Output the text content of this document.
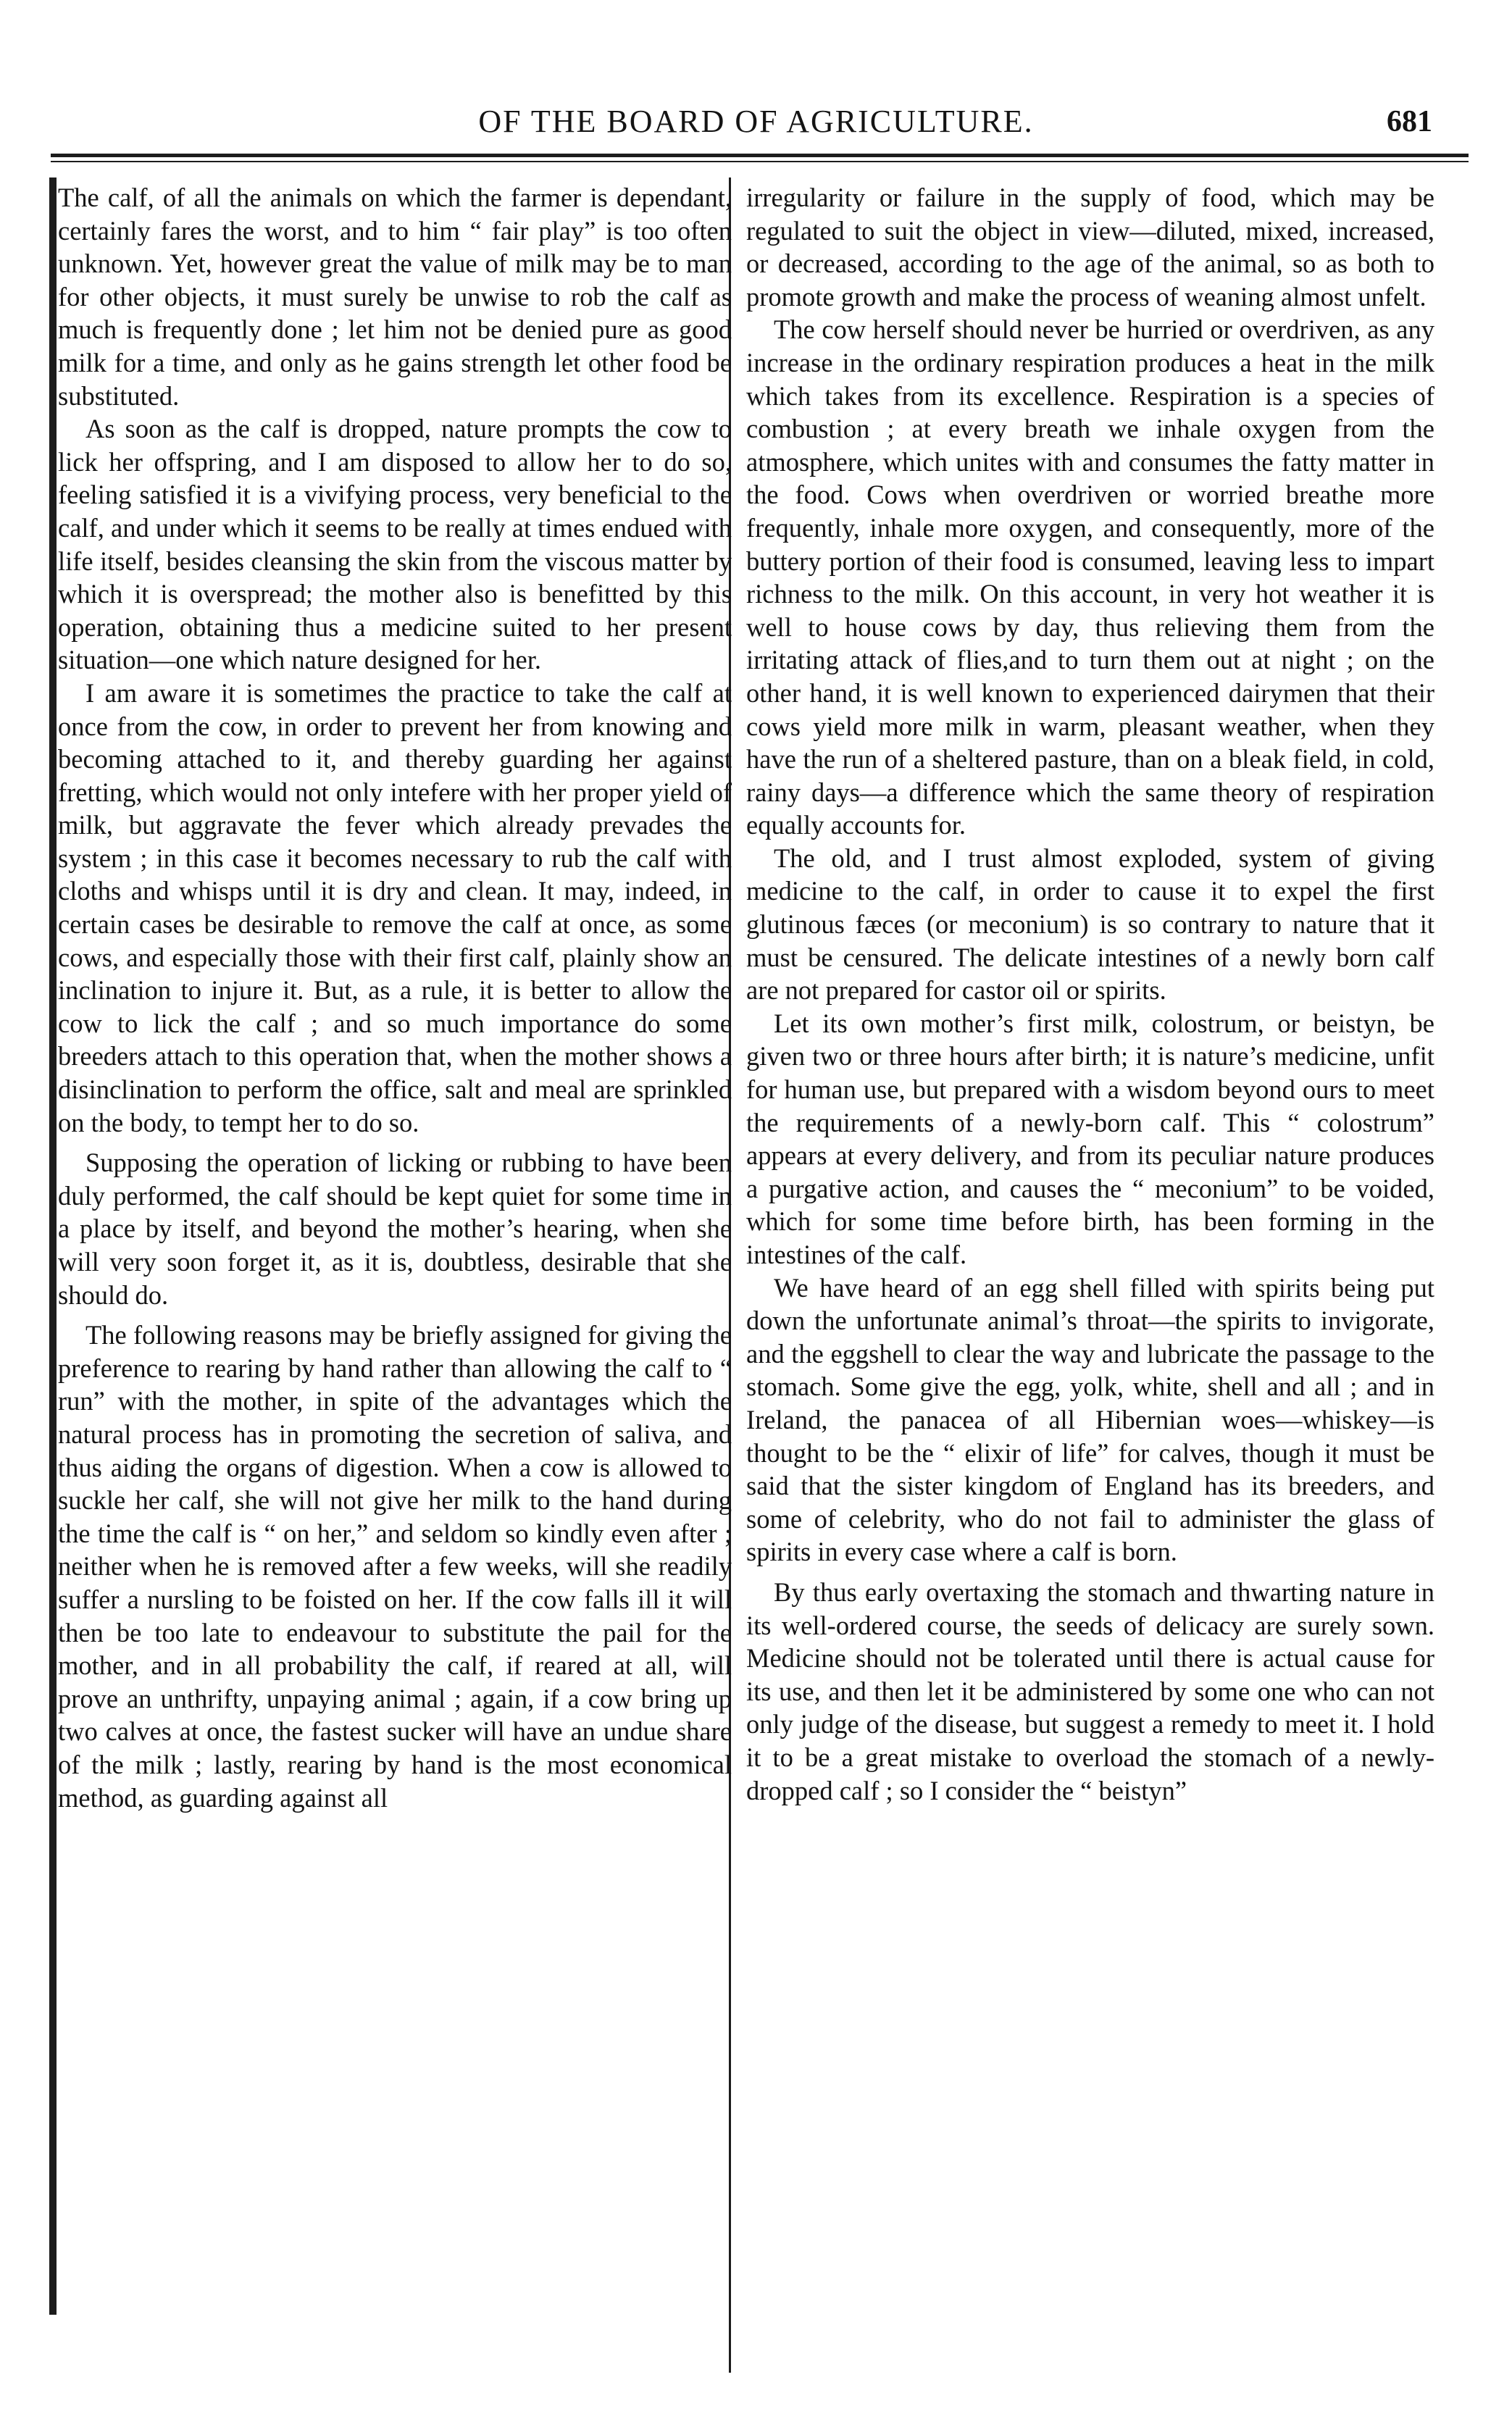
OF THE BOARD OF AGRICULTURE.	681

The calf, of all the animals on which the farmer is dependant, certainly fares the worst, and to him “ fair play” is too often unknown. Yet, however great the value of milk may be to man for other objects, it must surely be unwise to rob the calf as much is frequently done ; let him not be denied pure as good milk for a time, and only as he gains strength let other food be substituted.

As soon as the calf is dropped, nature prompts the cow to lick her offspring, and I am disposed to allow her to do so, feeling satisfied it is a vivifying process, very beneficial to the calf, and under which it seems to be really at times endued with life itself, besides cleansing the skin from the viscous matter by which it is overspread; the mother also is benefitted by this operation, obtaining thus a medicine suited to her present situation—one which nature designed for her.

I am aware it is sometimes the practice to take the calf at once from the cow, in order to prevent her from knowing and becoming attached to it, and thereby guarding her against fretting, which would not only intefere with her proper yield of milk, but aggravate the fever which already prevades the system ; in this case it becomes necessary to rub the calf with cloths and whisps until it is dry and clean. It may, indeed, in certain cases be desirable to remove the calf at once, as some cows, and especially those with their first calf, plainly show an inclination to injure it. But, as a rule, it is better to allow the cow to lick the calf ; and so much importance do some breeders attach to this operation that, when the mother shows a disinclination to perform the office, salt and meal are sprinkled on the body, to tempt her to do so.

Supposing the operation of licking or rubbing to have been duly performed, the calf should be kept quiet for some time in a place by itself, and beyond the mother’s hearing, when she will very soon forget it, as it is, doubtless, desirable that she should do.

The following reasons may be briefly assigned for giving the preference to rearing by hand rather than allowing the calf to “ run” with the mother, in spite of the advantages which the natural process has in promoting the secretion of saliva, and thus aiding the organs of digestion. When a cow is allowed to suckle her calf, she will not give her milk to the hand during the time the calf is “ on her,” and seldom so kindly even after ; neither when he is removed after a few weeks, will she readily suffer a nursling to be foisted on her. If the cow falls ill it will then be too late to endeavour to substitute the pail for the mother, and in all probability the calf, if reared at all, will prove an unthrifty, unpaying animal ; again, if a cow bring up two calves at once, the fastest sucker will have an undue share of the milk ; lastly, rearing by hand is the most economical method, as guarding against all

irregularity or failure in the supply of food, which may be regulated to suit the object in view—diluted, mixed, increased, or decreased, according to the age of the animal, so as both to promote growth and make the process of weaning almost unfelt.

The cow herself should never be hurried or overdriven, as any increase in the ordinary respiration produces a heat in the milk which takes from its excellence. Respiration is a species of combustion ; at every breath we inhale oxygen from the atmosphere, which unites with and consumes the fatty matter in the food. Cows when overdriven or worried breathe more frequently, inhale more oxygen, and consequently, more of the buttery portion of their food is consumed, leaving less to impart richness to the milk. On this account, in very hot weather it is well to house cows by day, thus relieving them from the irritating attack of flies,and to turn them out at night ; on the other hand, it is well known to experienced dairymen that their cows yield more milk in warm, pleasant weather, when they have the run of a sheltered pasture, than on a bleak field, in cold, rainy days—a difference which the same theory of respiration equally accounts for.

The old, and I trust almost exploded, system of giving medicine to the calf, in order to cause it to expel the first glutinous fæces (or meconium) is so contrary to nature that it must be censured. The delicate intestines of a newly born calf are not prepared for castor oil or spirits.

Let its own mother’s first milk, colostrum, or beistyn, be given two or three hours after birth; it is nature’s medicine, unfit for human use, but prepared with a wisdom beyond ours to meet the requirements of a newly-born calf. This “ colostrum” appears at every delivery, and from its peculiar nature produces a purgative action, and causes the “ meconium” to be voided, which for some time before birth, has been forming in the intestines of the calf.

We have heard of an egg shell filled with spirits being put down the unfortunate animal’s throat—the spirits to invigorate, and the eggshell to clear the way and lubricate the passage to the stomach. Some give the egg, yolk, white, shell and all ; and in Ireland, the panacea of all Hibernian woes—whiskey—is thought to be the “ elixir of life” for calves, though it must be said that the sister kingdom of England has its breeders, and some of celebrity, who do not fail to administer the glass of spirits in every case where a calf is born.

By thus early overtaxing the stomach and thwarting nature in its well-ordered course, the seeds of delicacy are surely sown. Medicine should not be tolerated until there is actual cause for its use, and then let it be administered by some one who can not only judge of the disease, but suggest a remedy to meet it. I hold it to be a great mistake to overload the stomach of a newly-dropped calf ; so I consider the “ beistyn”
